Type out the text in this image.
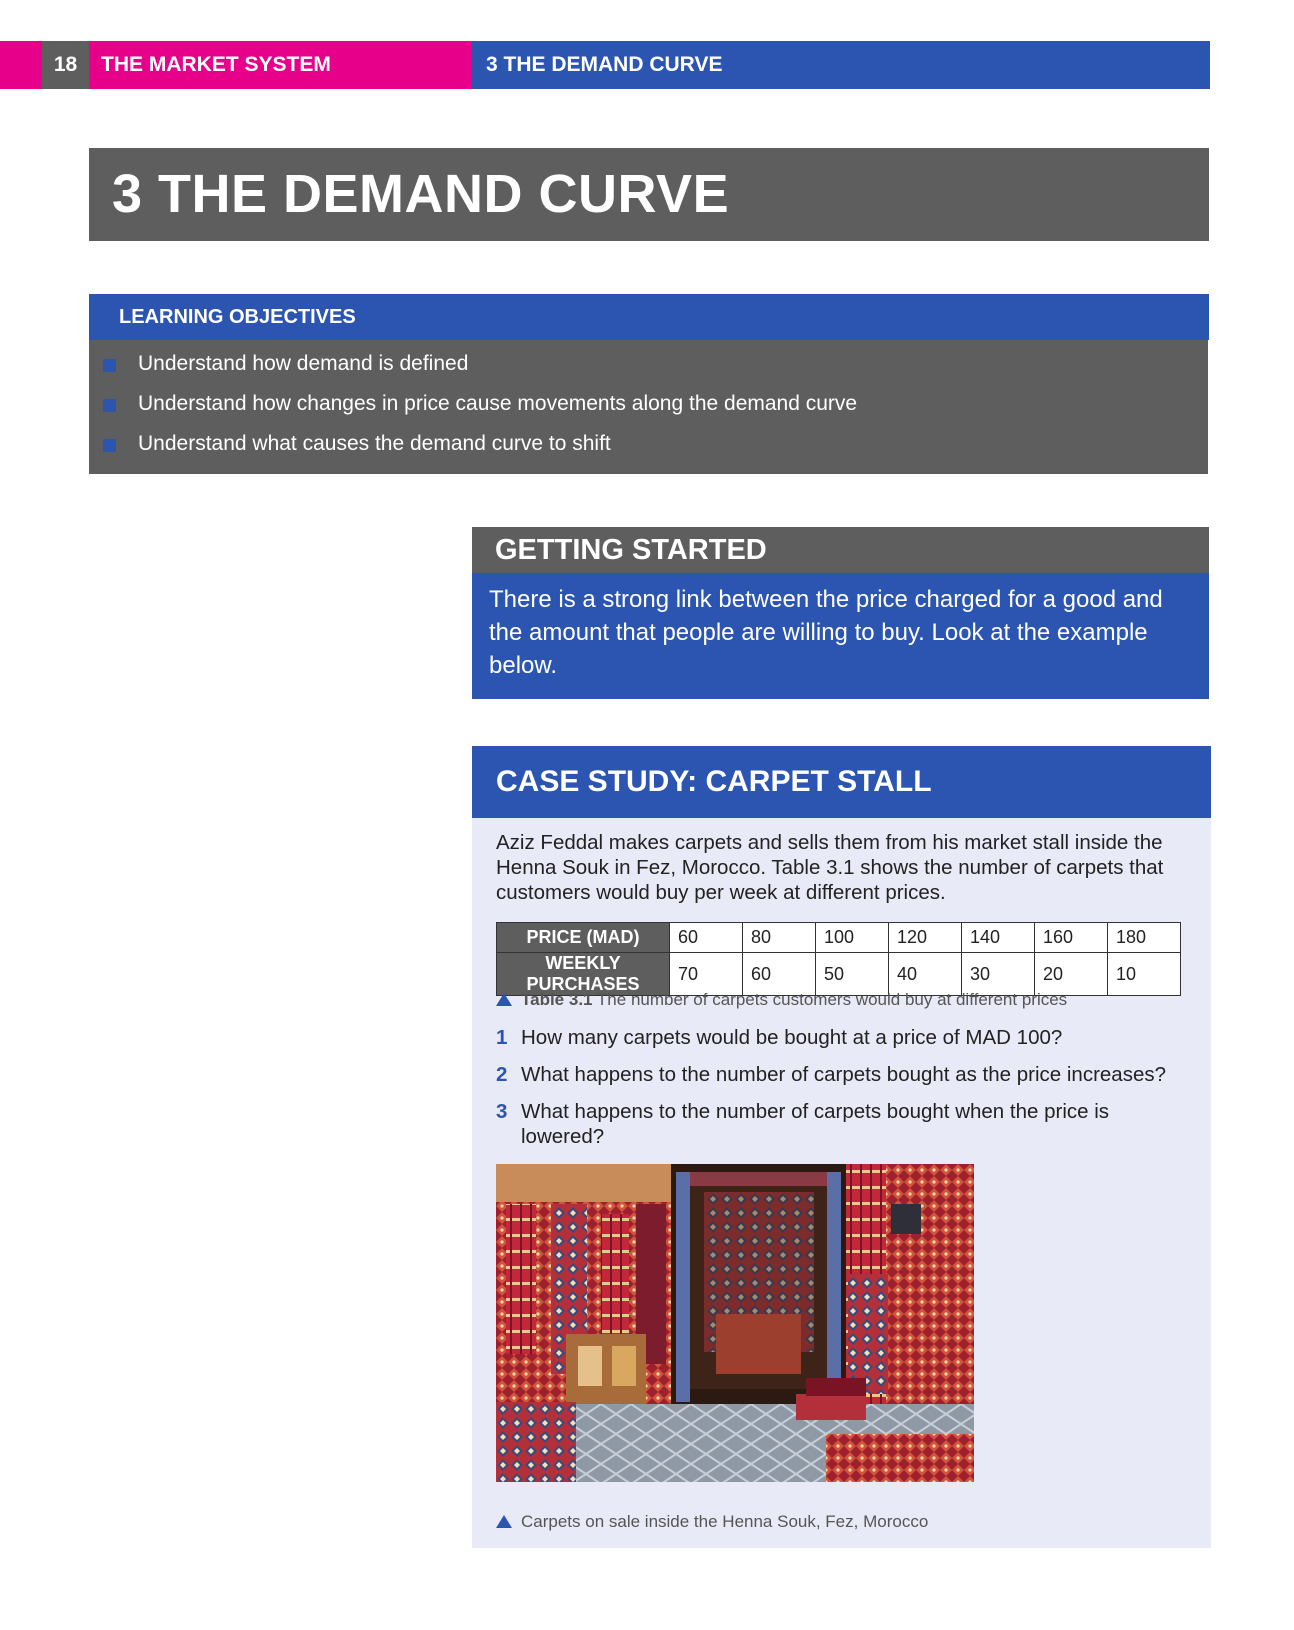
18	THE MARKET SYSTEM	3 THE DEMAND CURVE
3 THE DEMAND CURVE
LEARNING OBJECTIVES
Understand how demand is defined
Understand how changes in price cause movements along the demand curve
Understand what causes the demand curve to shift
GETTING STARTED
There is a strong link between the price charged for a good and the amount that people are willing to buy. Look at the example below.
CASE STUDY: CARPET STALL
Aziz Feddal makes carpets and sells them from his market stall inside the Henna Souk in Fez, Morocco. Table 3.1 shows the number of carpets that customers would buy per week at different prices.
PRICE (MAD)	60	80	100	120	140	160	180
WEEKLY PURCHASES	70	60	50	40	30	20	10
Table 3.1 The number of carpets customers would buy at different prices
1 How many carpets would be bought at a price of MAD 100?
2 What happens to the number of carpets bought as the price increases?
3 What happens to the number of carpets bought when the price is lowered?
Carpets on sale inside the Henna Souk, Fez, Morocco
